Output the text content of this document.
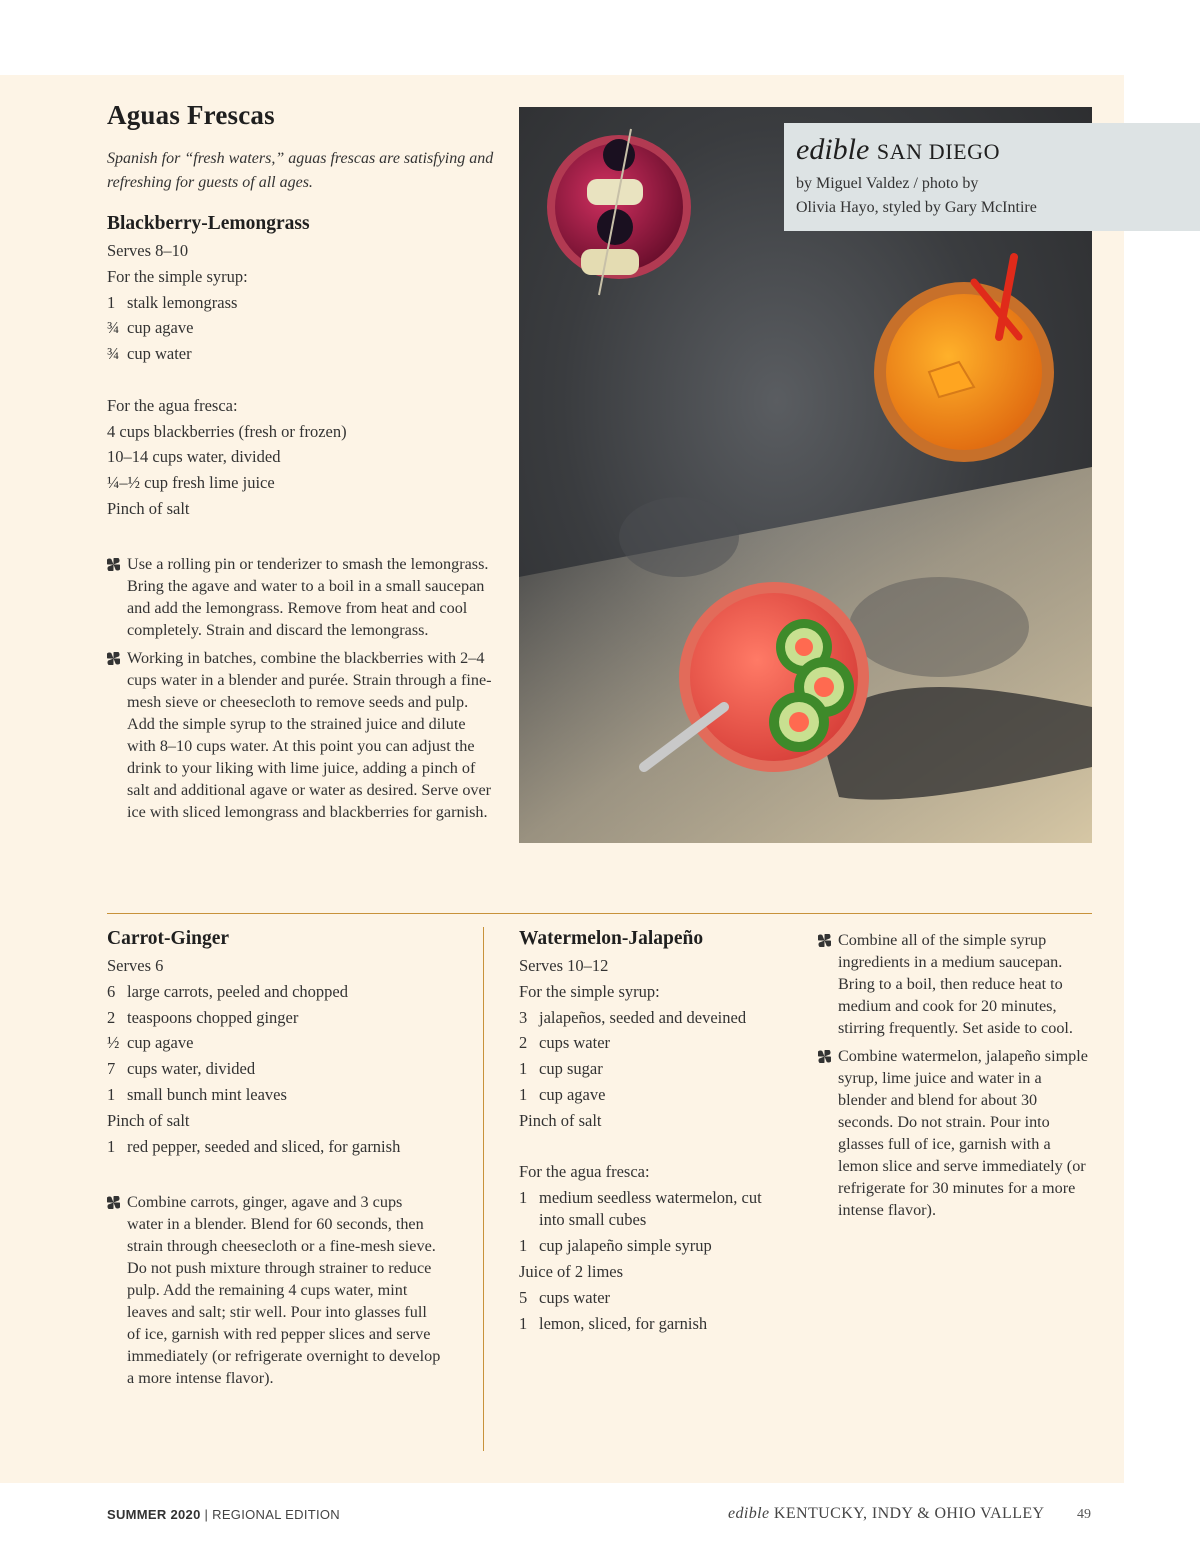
Aguas Frescas
Spanish for “fresh waters,” aguas frescas are satisfying and refreshing for guests of all ages.
Blackberry-Lemongrass
Serves 8–10
For the simple syrup:
1 stalk lemongrass
¾ cup agave
¾ cup water
For the agua fresca:
4 cups blackberries (fresh or frozen)
10–14 cups water, divided
¼–½ cup fresh lime juice
Pinch of salt
Use a rolling pin or tenderizer to smash the lemongrass. Bring the agave and water to a boil in a small saucepan and add the lemongrass. Remove from heat and cool completely. Strain and discard the lemongrass.
Working in batches, combine the blackberries with 2–4 cups water in a blender and purée. Strain through a fine-mesh sieve or cheesecloth to remove seeds and pulp. Add the simple syrup to the strained juice and dilute with 8–10 cups water. At this point you can adjust the drink to your liking with lime juice, adding a pinch of salt and additional agave or water as desired. Serve over ice with sliced lemongrass and blackberries for garnish.
edible SAN DIEGO
by Miguel Valdez / photo by
Olivia Hayo, styled by Gary McIntire
Carrot-Ginger
Serves 6
6 large carrots, peeled and chopped
2 teaspoons chopped ginger
½ cup agave
7 cups water, divided
1 small bunch mint leaves
Pinch of salt
1 red pepper, seeded and sliced, for garnish
Combine carrots, ginger, agave and 3 cups water in a blender. Blend for 60 seconds, then strain through cheesecloth or a fine-mesh sieve. Do not push mixture through strainer to reduce pulp. Add the remaining 4 cups water, mint leaves and salt; stir well. Pour into glasses full of ice, garnish with red pepper slices and serve immediately (or refrigerate overnight to develop a more intense flavor).
Watermelon-Jalapeño
Serves 10–12
For the simple syrup:
3 jalapeños, seeded and deveined
2 cups water
1 cup sugar
1 cup agave
Pinch of salt
For the agua fresca:
1 medium seedless watermelon, cut
into small cubes
1 cup jalapeño simple syrup
Juice of 2 limes
5 cups water
1 lemon, sliced, for garnish
Combine all of the simple syrup ingredients in a medium saucepan. Bring to a boil, then reduce heat to medium and cook for 20 minutes, stirring frequently. Set aside to cool.
Combine watermelon, jalapeño simple syrup, lime juice and water in a blender and blend for about 30 seconds. Do not strain. Pour into glasses full of ice, garnish with a lemon slice and serve immediately (or refrigerate for 30 minutes for a more intense flavor).
SUMMER 2020 | REGIONAL EDITION	edible KENTUCKY, INDY & OHIO VALLEY 49
